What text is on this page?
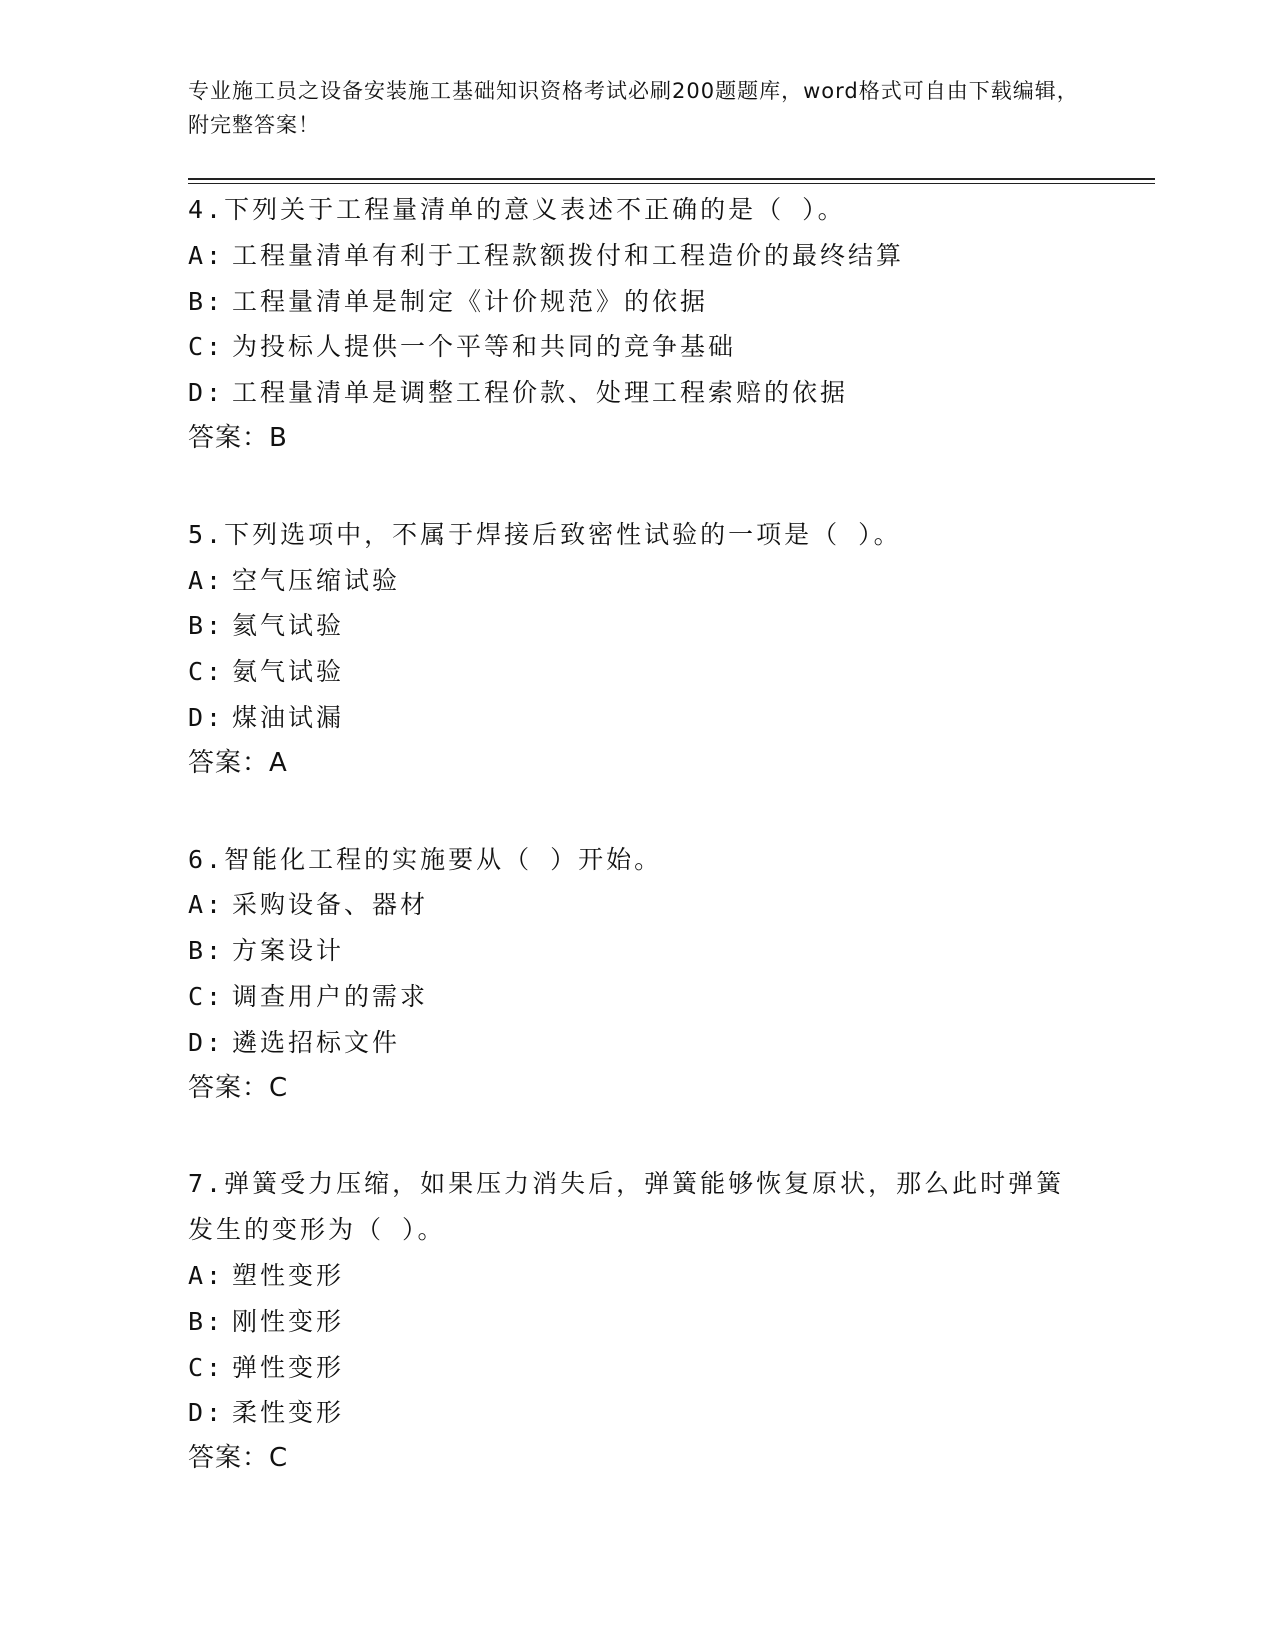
专业施工员之设备安装施工基础知识资格考试必刷200题题库，word格式可自由下载编辑，附完整答案！
4.下列关于工程量清单的意义表述不正确的是（ ）。
A: 工程量清单有利于工程款额拨付和工程造价的最终结算
B: 工程量清单是制定《计价规范》的依据
C: 为投标人提供一个平等和共同的竞争基础
D: 工程量清单是调整工程价款、处理工程索赔的依据
答案：B
5.下列选项中，不属于焊接后致密性试验的一项是（ ）。
A: 空气压缩试验
B: 氦气试验
C: 氨气试验
D: 煤油试漏
答案：A
6.智能化工程的实施要从（ ）开始。
A: 采购设备、器材
B: 方案设计
C: 调查用户的需求
D: 遴选招标文件
答案：C
7.弹簧受力压缩，如果压力消失后，弹簧能够恢复原状，那么此时弹簧发生的变形为（ ）。
A: 塑性变形
B: 刚性变形
C: 弹性变形
D: 柔性变形
答案：C
